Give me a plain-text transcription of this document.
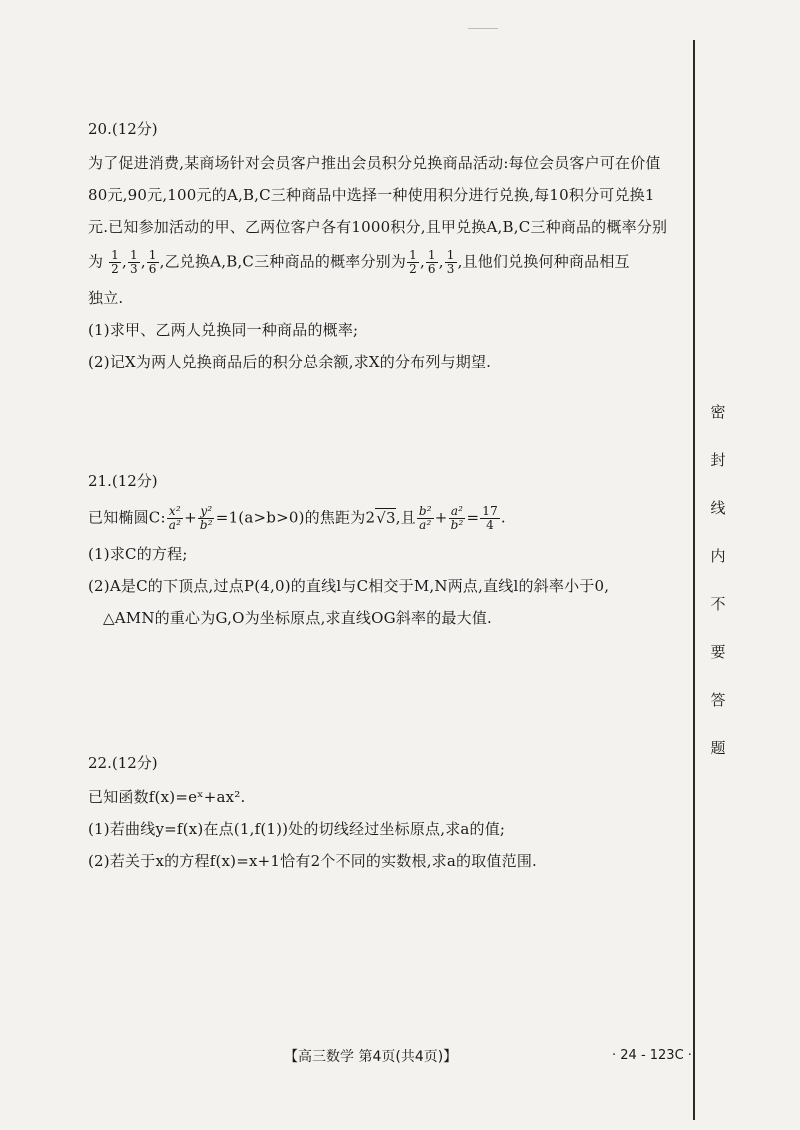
20.(12分)
为了促进消费,某商场针对会员客户推出会员积分兑换商品活动:每位会员客户可在价值
80元,90元,100元的A,B,C三种商品中选择一种使用积分进行兑换,每10积分可兑换1
元.已知参加活动的甲、乙两位客户各有1000积分,且甲兑换A,B,C三种商品的概率分别
为 $\frac{1}{2}$ , $\frac{1}{3}$ , $\frac{1}{6}$ ,乙兑换A,B,C三种商品的概率分别为 $\frac{1}{2}$ , $\frac{1}{6}$ , $\frac{1}{3}$ ,且他们兑换何种商品相互
独立.
(1)求甲、乙两人兑换同一种商品的概率;
(2)记X为两人兑换商品后的积分总余额,求X的分布列与期望.
21.(12分)
已知椭圆C: $\frac{\text{x²}}{\text{a²}} + \frac{\text{y²}}{\text{b²}} =1(a>b>0)$的焦距为2√3,且 $\frac{\text{b²}}{\text{a²}} + \frac{\text{a²}}{\text{b²}} = \frac{17}{4}$ .
(1)求C的方程;
(2)A是C的下顶点,过点P(4,0)的直线l与C相交于M,N两点,直线l的斜率小于0,
△AMN的重心为G,O为坐标原点,求直线OG斜率的最大值.
22.(12分)
已知函数f(x)=eˣ+ax².
(1)若曲线y=f(x)在点(1,f(1))处的切线经过坐标原点,求a的值;
(2)若关于x的方程f(x)=x+1恰有2个不同的实数根,求a的取值范围.
【高三数学 第4页(共4页)】	· 24 - 123C ·
密
封
线
内
不
要
答
题
